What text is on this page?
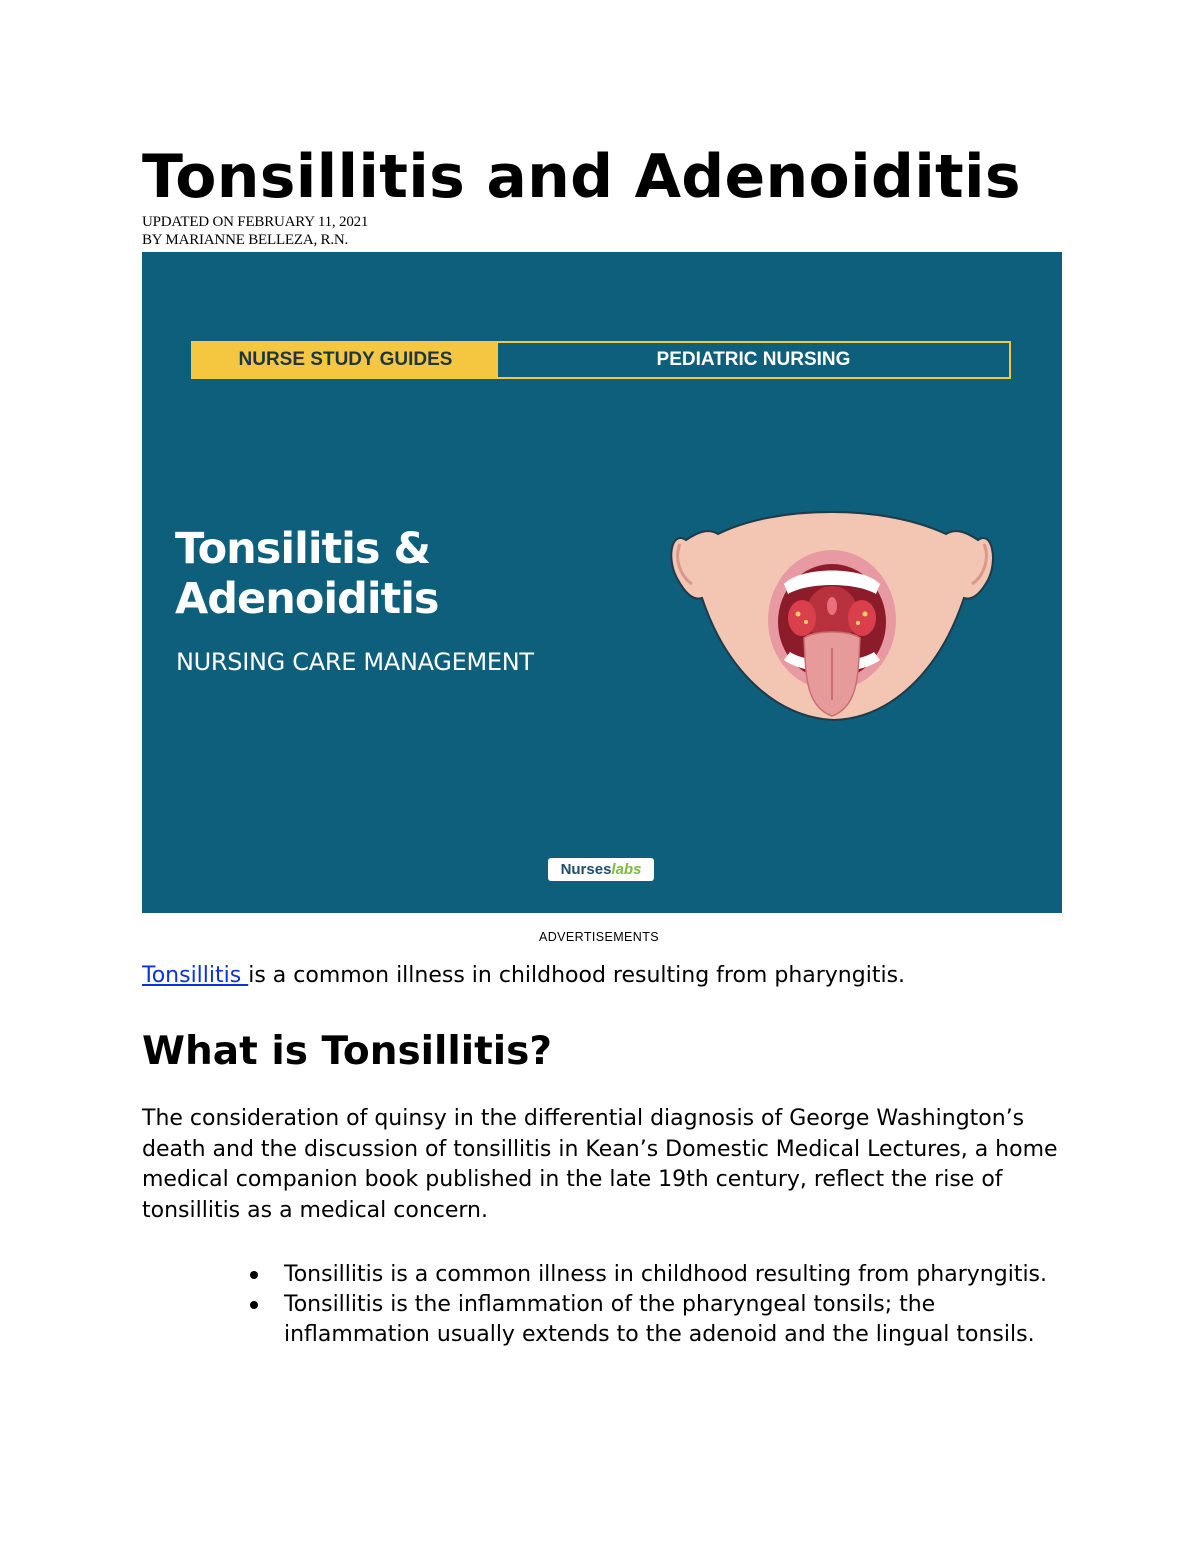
Tonsillitis and Adenoiditis

UPDATED ON FEBRUARY 11, 2021

BY MARIANNE BELLEZA, R.N.

NURSE STUDY GUIDES	PEDIATRIC NURSING

Tonsilitis &

Adenoiditis

NURSING CARE MANAGEMENT
Nurses labs
ADVERTISEMENTS

Tonsillitis is a common illness in childhood resulting from pharyngitis.

What is Tonsillitis?

The consideration of quinsy in the differential diagnosis of George Washington’s death and the discussion of tonsillitis in Kean’s Domestic Medical Lectures, a home medical companion book published in the late 19th century, reflect the rise of tonsillitis as a medical concern.

Tonsillitis is a common illness in childhood resulting from pharyngitis.
Tonsillitis is the inflammation of the pharyngeal tonsils; the inflammation usually extends to the adenoid and the lingual tonsils.
